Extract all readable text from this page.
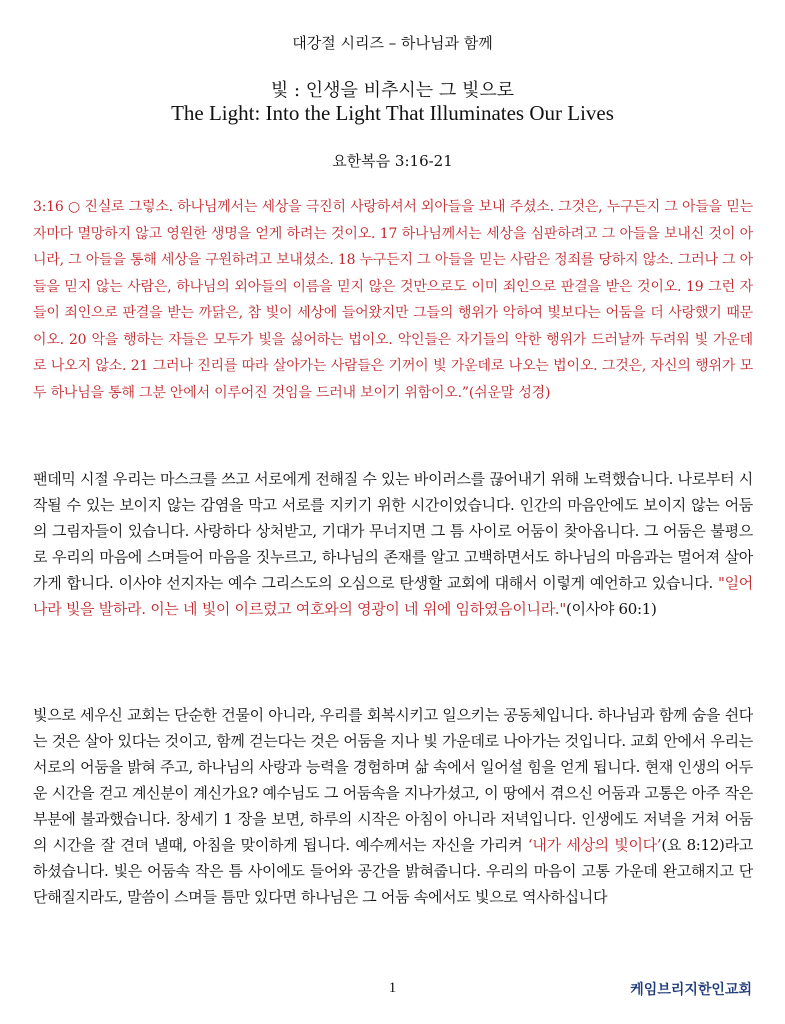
대강절 시리즈 – 하나님과 함께
빛 : 인생을 비추시는 그 빛으로
The Light: Into the Light That Illuminates Our Lives
요한복음 3:16-21
3:16 ○ 진실로 그렇소. 하나님께서는 세상을 극진히 사랑하셔서 외아들을 보내 주셨소. 그것은, 누구든지 그 아들을 믿는 자마다 멸망하지 않고 영원한 생명을 얻게 하려는 것이오. 17 하나님께서는 세상을 심판하려고 그 아들을 보내신 것이 아니라, 그 아들을 통해 세상을 구원하려고 보내셨소. 18 누구든지 그 아들을 믿는 사람은 정죄를 당하지 않소. 그러나 그 아들을 믿지 않는 사람은, 하나님의 외아들의 이름을 믿지 않은 것만으로도 이미 죄인으로 판결을 받은 것이오. 19 그런 자들이 죄인으로 판결을 받는 까닭은, 참 빛이 세상에 들어왔지만 그들의 행위가 악하여 빛보다는 어둠을 더 사랑했기 때문이오. 20 악을 행하는 자들은 모두가 빛을 싫어하는 법이오. 악인들은 자기들의 악한 행위가 드러날까 두려워 빛 가운데로 나오지 않소. 21 그러나 진리를 따라 살아가는 사람들은 기꺼이 빛 가운데로 나오는 법이오. 그것은, 자신의 행위가 모두 하나님을 통해 그분 안에서 이루어진 것임을 드러내 보이기 위함이오.”(쉬운말 성경)
팬데믹 시절 우리는 마스크를 쓰고 서로에게 전해질 수 있는 바이러스를 끊어내기 위해 노력했습니다. 나로부터 시작될 수 있는 보이지 않는 감염을 막고 서로를 지키기 위한 시간이었습니다. 인간의 마음안에도 보이지 않는 어둠의 그림자들이 있습니다. 사랑하다 상처받고, 기대가 무너지면 그 틈 사이로 어둠이 찾아옵니다. 그 어둠은 불평으로 우리의 마음에 스며들어 마음을 짓누르고, 하나님의 존재를 알고 고백하면서도 하나님의 마음과는 멀어져 살아가게 합니다. 이사야 선지자는 예수 그리스도의 오심으로 탄생할 교회에 대해서 이렇게 예언하고 있습니다. "일어나라 빛을 발하라. 이는 네 빛이 이르렀고 여호와의 영광이 네 위에 임하였음이니라."(이사야 60:1)
빛으로 세우신 교회는 단순한 건물이 아니라, 우리를 회복시키고 일으키는 공동체입니다. 하나님과 함께 숨을 쉰다는 것은 살아 있다는 것이고, 함께 걷는다는 것은 어둠을 지나 빛 가운데로 나아가는 것입니다. 교회 안에서 우리는 서로의 어둠을 밝혀 주고, 하나님의 사랑과 능력을 경험하며 삶 속에서 일어설 힘을 얻게 됩니다. 현재 인생의 어두운 시간을 걷고 계신분이 계신가요? 예수님도 그 어둠속을 지나가셨고, 이 땅에서 겪으신 어둠과 고통은 아주 작은 부분에 불과했습니다. 창세기 1 장을 보면, 하루의 시작은 아침이 아니라 저녁입니다. 인생에도 저녁을 거쳐 어둠의 시간을 잘 견뎌 낼때, 아침을 맞이하게 됩니다. 예수께서는 자신을 가리켜 ‘내가 세상의 빛이다’(요 8:12)라고 하셨습니다. 빛은 어둠속 작은 틈 사이에도 들어와 공간을 밝혀줍니다. 우리의 마음이 고통 가운데 완고해지고 단단해질지라도, 말씀이 스며들 틈만 있다면 하나님은 그 어둠 속에서도 빛으로 역사하십니다
1	케임브리지한인교회
